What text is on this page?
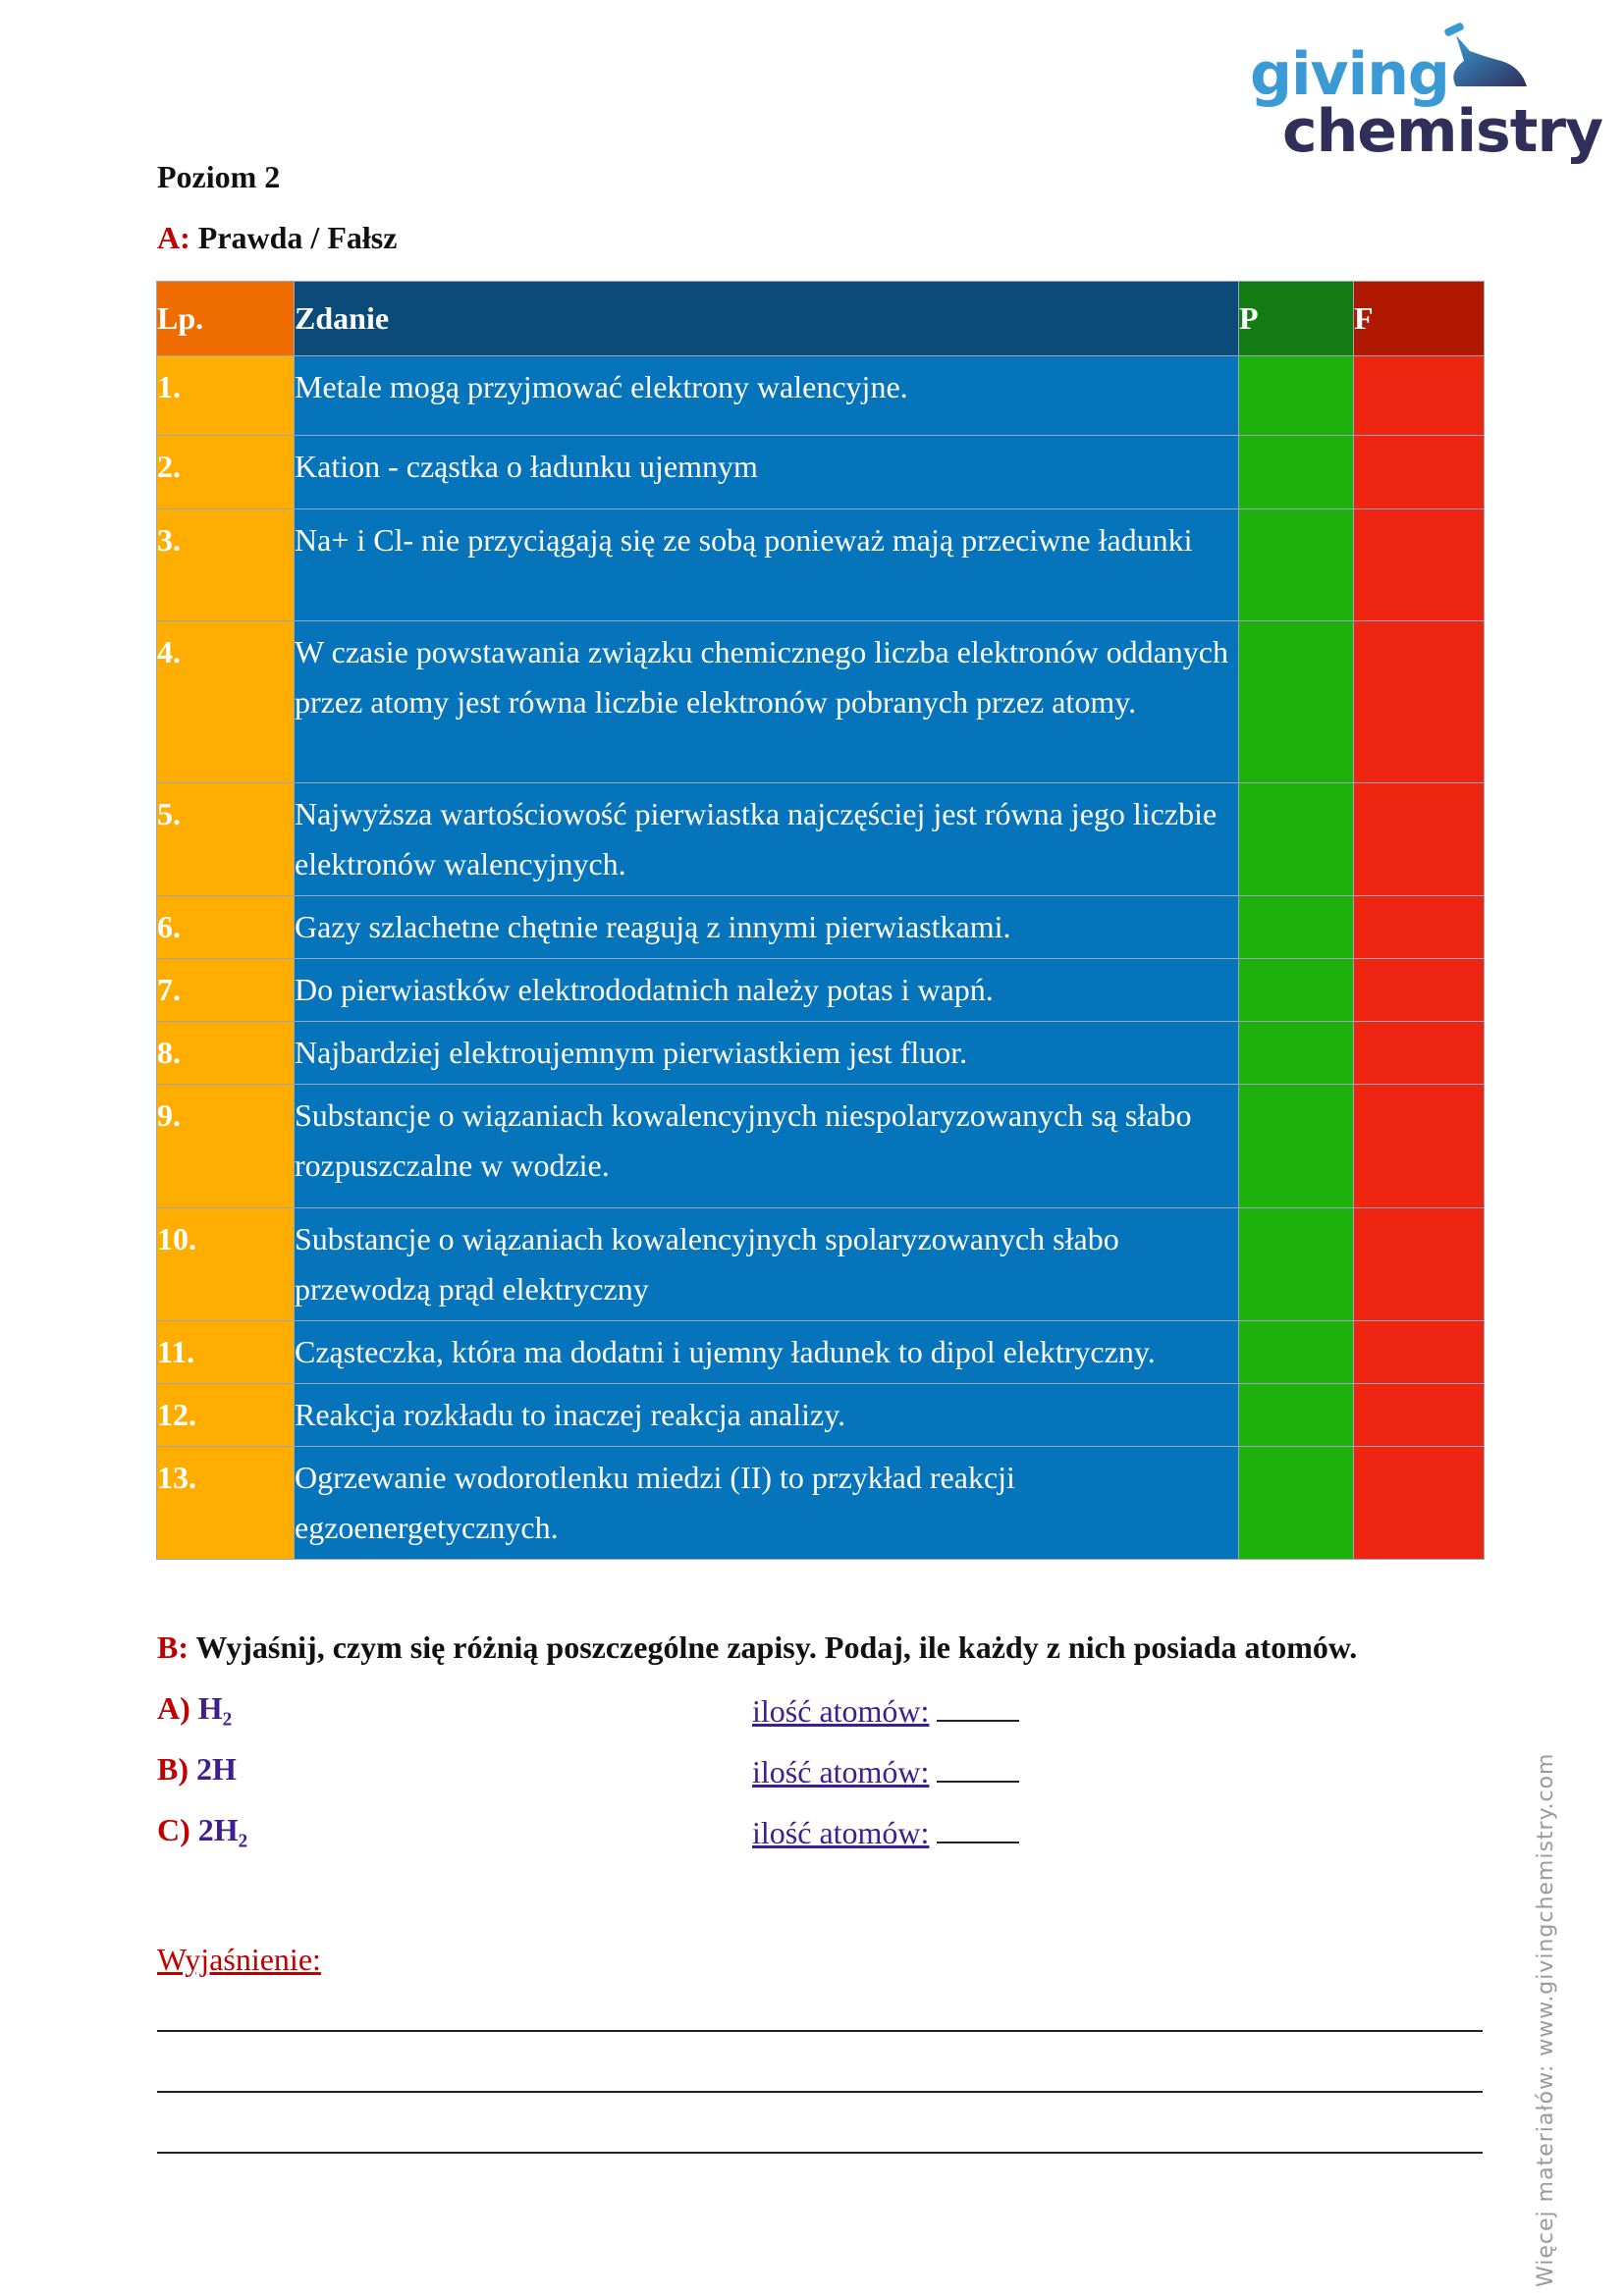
giving
chemistry
Poziom 2
A: Prawda / Fałsz
Lp.	Zdanie	P	F

1.	Metale mogą przyjmować elektrony walencyjne.		

2.	Kation - cząstka o ładunku ujemnym		

3.	Na+ i Cl- nie przyciągają się ze sobą ponieważ mają przeciwne ładunki		

4.	W czasie powstawania związku chemicznego liczba elektronów oddanych przez atomy jest równa liczbie elektronów pobranych przez atomy.		

5.	Najwyższa wartościowość pierwiastka najczęściej jest równa jego liczbie elektronów walencyjnych.		

6.	Gazy szlachetne chętnie reagują z innymi pierwiastkami.		

7.	Do pierwiastków elektrododatnich należy potas i wapń.		

8.	Najbardziej elektroujemnym pierwiastkiem jest fluor.		

9.	Substancje o wiązaniach kowalencyjnych niespolaryzowanych są słabo rozpuszczalne w wodzie.		

10.	Substancje o wiązaniach kowalencyjnych spolaryzowanych słabo przewodzą prąd elektryczny		

11.	Cząsteczka, która ma dodatni i ujemny ładunek to dipol elektryczny.		

12.	Reakcja rozkładu to inaczej reakcja analizy.		

13.	Ogrzewanie wodorotlenku miedzi (II) to przykład reakcji egzoenergetycznych.		

B: Wyjaśnij, czym się różnią poszczególne zapisy. Podaj, ile każdy z nich posiada atomów.
A) H₂	ilość atomów:
B) 2H	ilość atomów:
C) 2H₂	ilość atomów:
Wyjaśnienie:	Więcej materiałów: www.givingchemistry.com
